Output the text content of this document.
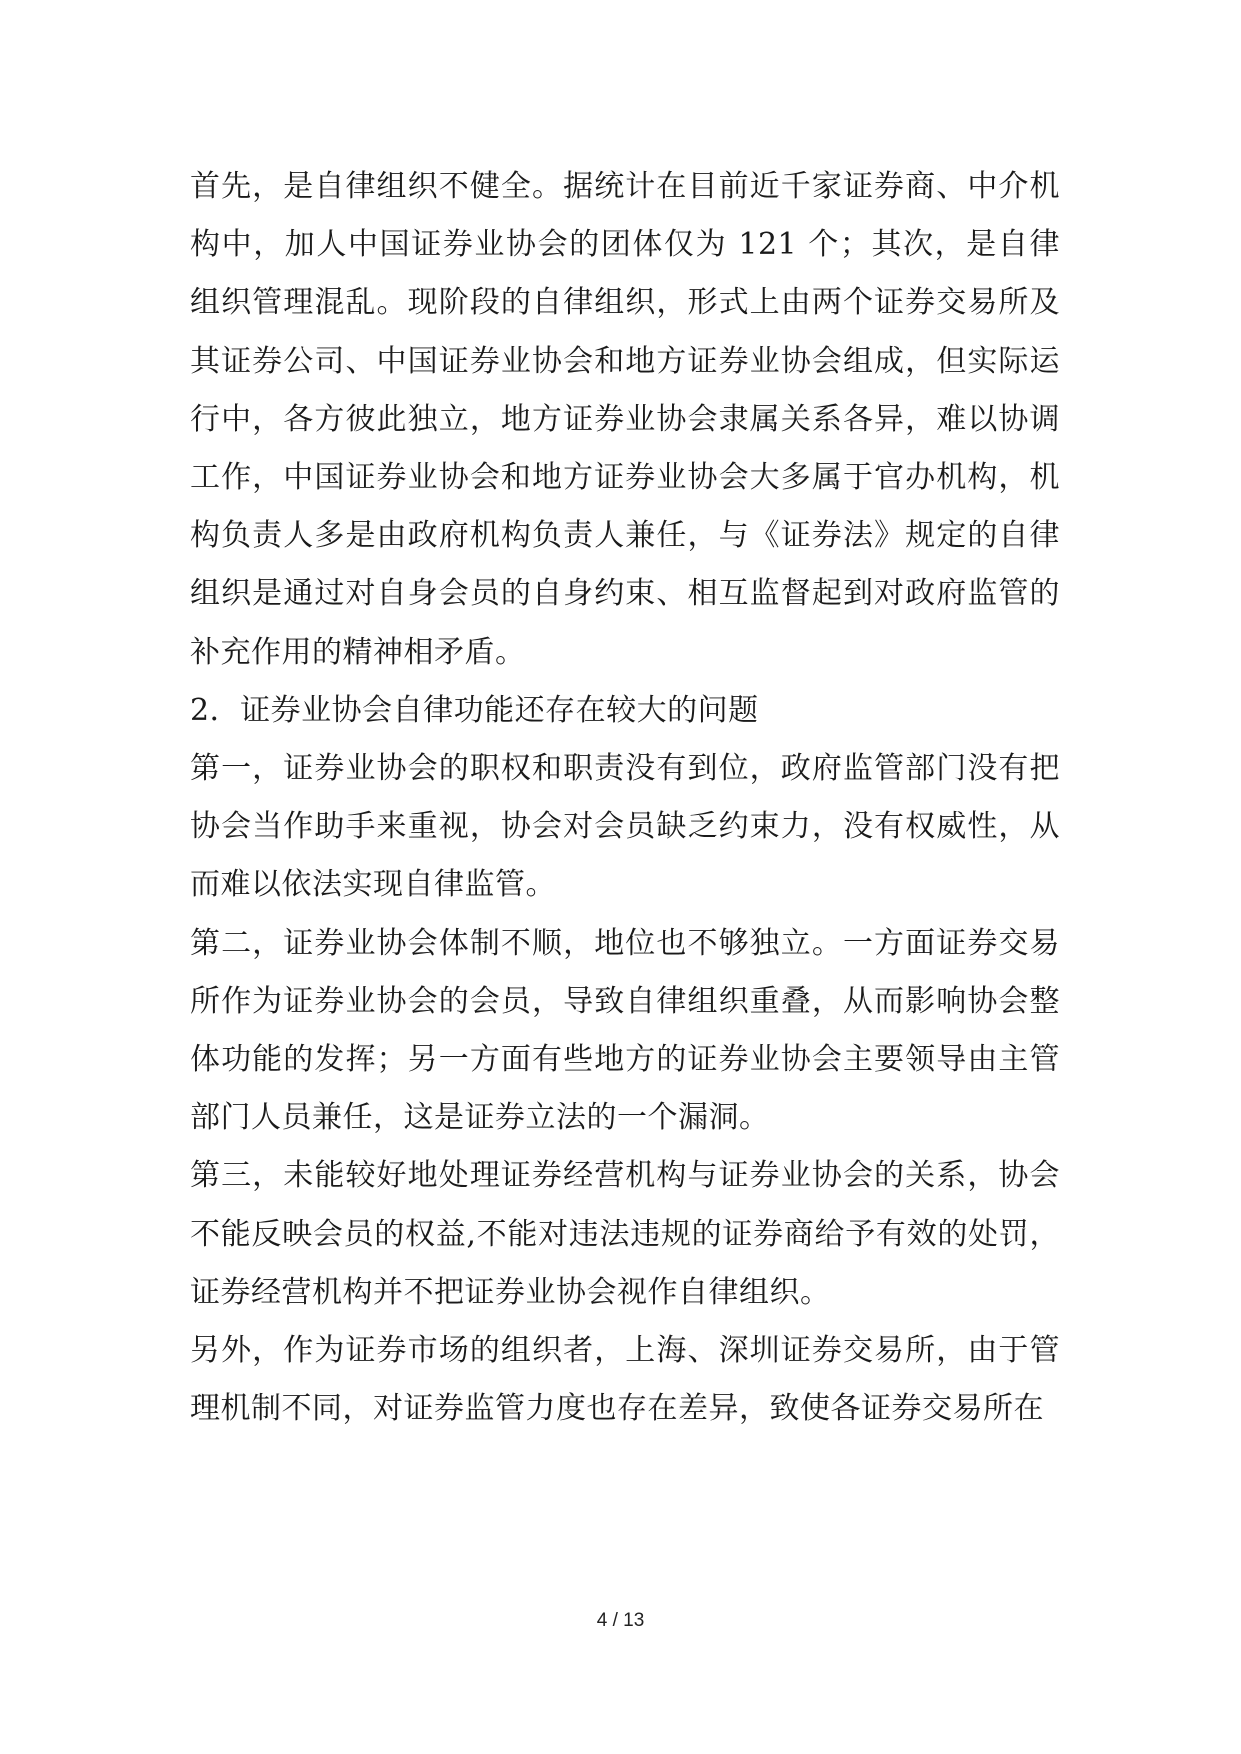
首先，是自律组织不健全。据统计在目前近千家证券商、中介机构中，加人中国证券业协会的团体仅为 121 个；其次，是自律组织管理混乱。现阶段的自律组织，形式上由两个证券交易所及其证券公司、中国证券业协会和地方证券业协会组成，但实际运行中，各方彼此独立，地方证券业协会隶属关系各异，难以协调工作，中国证券业协会和地方证券业协会大多属于官办机构，机构负责人多是由政府机构负责人兼任，与《证券法》规定的自律组织是通过对自身会员的自身约束、相互监督起到对政府监管的补充作用的精神相矛盾。

2．证券业协会自律功能还存在较大的问题

第一，证券业协会的职权和职责没有到位，政府监管部门没有把协会当作助手来重视，协会对会员缺乏约束力，没有权威性，从而难以依法实现自律监管。

第二，证券业协会体制不顺，地位也不够独立。一方面证券交易所作为证券业协会的会员，导致自律组织重叠，从而影响协会整体功能的发挥；另一方面有些地方的证券业协会主要领导由主管部门人员兼任，这是证券立法的一个漏洞。

第三，未能较好地处理证券经营机构与证券业协会的关系，协会不能反映会员的权益,不能对违法违规的证券商给予有效的处罚，证券经营机构并不把证券业协会视作自律组织。

另外，作为证券市场的组织者，上海、深圳证券交易所，由于管理机制不同，对证券监管力度也存在差异，致使各证券交易所在

4 / 13
